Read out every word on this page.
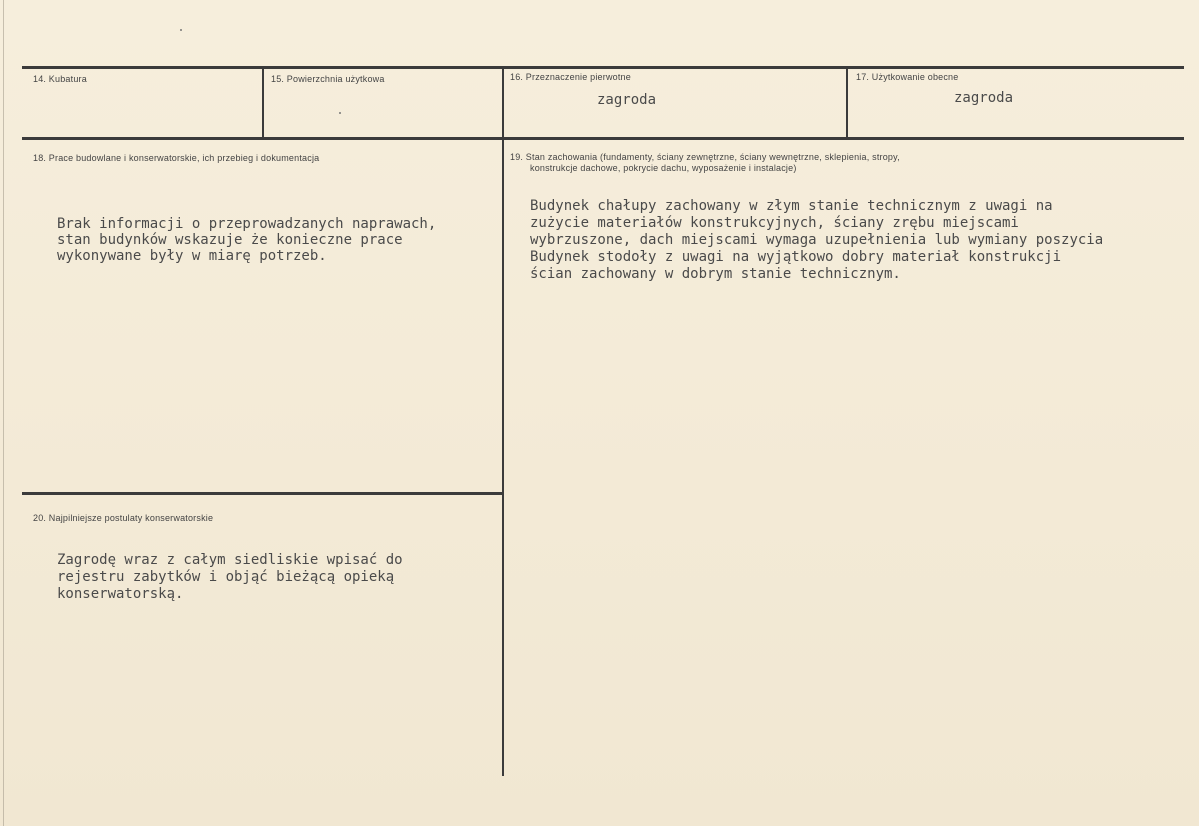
14. Kubatura	15. Powierzchnia użytkowa	16. Przeznaczenie pierwotne
zagroda
17. Użytkowanie obecne
zagroda
18. Prace budowlane i konserwatorskie, ich przebieg i dokumentacja
Brak informacji o przeprowadzanych naprawach,
stan budynków wskazuje że konieczne prace
wykonywane były w miarę potrzeb.
19. Stan zachowania (fundamenty, ściany zewnętrzne, ściany wewnętrzne, sklepienia, stropy,
konstrukcje dachowe, pokrycie dachu, wyposażenie i instalacje)
Budynek chałupy zachowany w złym stanie technicznym z uwagi na
zużycie materiałów konstrukcyjnych, ściany zrębu miejscami
wybrzuszone, dach miejscami wymaga uzupełnienia lub wymiany poszycia
Budynek stodoły z uwagi na wyjątkowo dobry materiał konstrukcji
ścian zachowany w dobrym stanie technicznym.
20. Najpilniejsze postulaty konserwatorskie
Zagrodę wraz z całym siedliskie wpisać do
rejestru zabytków i objąć bieżącą opieką
konserwatorską.
